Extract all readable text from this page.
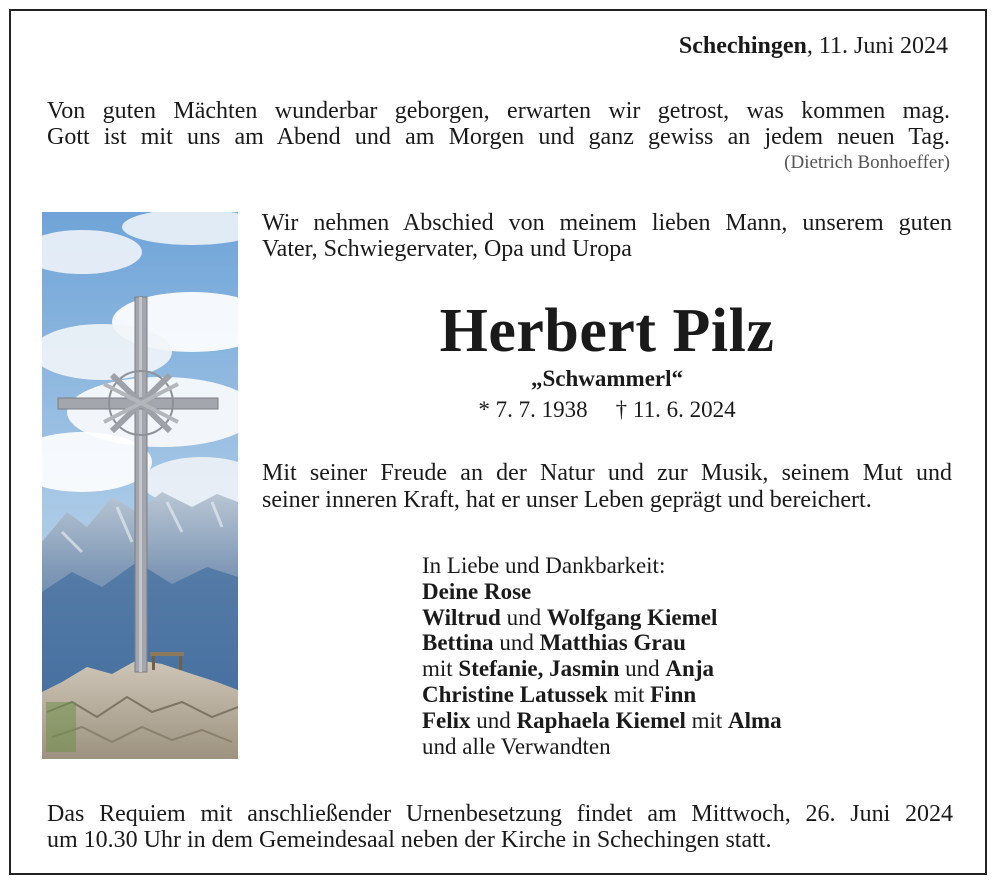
Schechingen, 11. Juni 2024
Von guten Mächten wunderbar geborgen, erwarten wir getrost, was kommen mag.
Gott ist mit uns am Abend und am Morgen und ganz gewiss an jedem neuen Tag.
(Dietrich Bonhoeffer)
Wir nehmen Abschied von meinem lieben Mann, unserem guten
Vater, Schwiegervater, Opa und Uropa
Herbert Pilz
„Schwammerl“
* 7. 7. 1938 † 11. 6. 2024
Mit seiner Freude an der Natur und zur Musik, seinem Mut und
seiner inneren Kraft, hat er unser Leben geprägt und bereichert.
In Liebe und Dankbarkeit:
Deine Rose
Wiltrud und Wolfgang Kiemel
Bettina und Matthias Grau
mit Stefanie, Jasmin und Anja
Christine Latussek mit Finn
Felix und Raphaela Kiemel mit Alma
und alle Verwandten
Das Requiem mit anschließender Urnenbesetzung findet am Mittwoch, 26. Juni 2024
um 10.30 Uhr in dem Gemeindesaal neben der Kirche in Schechingen statt.
